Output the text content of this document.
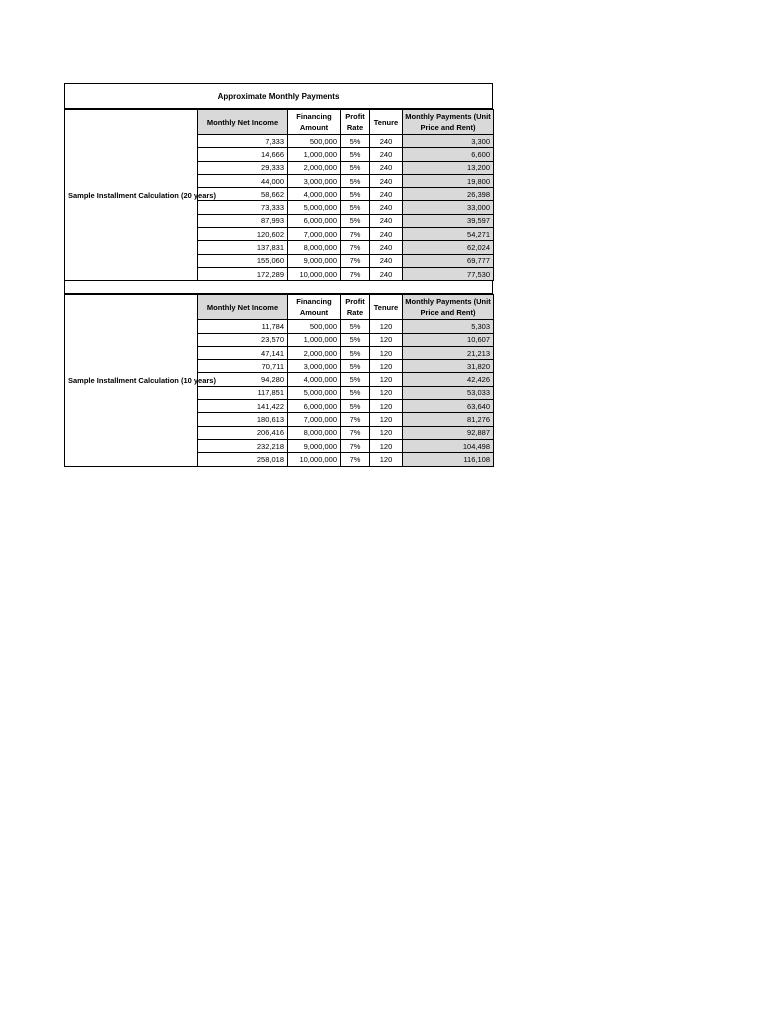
Approximate Monthly Payments
Sample Installment Calculation (20 years)	Monthly Net Income	Financing Amount	Profit Rate	Tenure	Monthly Payments (Unit Price and Rent)
	7,333	500,000	5%	240	3,300
	14,666	1,000,000	5%	240	6,600
	29,333	2,000,000	5%	240	13,200
	44,000	3,000,000	5%	240	19,800
	58,662	4,000,000	5%	240	26,398
	73,333	5,000,000	5%	240	33,000
	87,993	6,000,000	5%	240	39,597
	120,602	7,000,000	7%	240	54,271
	137,831	8,000,000	7%	240	62,024
	155,060	9,000,000	7%	240	69,777
	172,289	10,000,000	7%	240	77,530
Sample Installment Calculation (10 years)	Monthly Net Income	Financing Amount	Profit Rate	Tenure	Monthly Payments (Unit Price and Rent)
	11,784	500,000	5%	120	5,303
	23,570	1,000,000	5%	120	10,607
	47,141	2,000,000	5%	120	21,213
	70,711	3,000,000	5%	120	31,820
	94,280	4,000,000	5%	120	42,426
	117,851	5,000,000	5%	120	53,033
	141,422	6,000,000	5%	120	63,640
	180,613	7,000,000	7%	120	81,276
	206,416	8,000,000	7%	120	92,887
	232,218	9,000,000	7%	120	104,498
	258,018	10,000,000	7%	120	116,108
